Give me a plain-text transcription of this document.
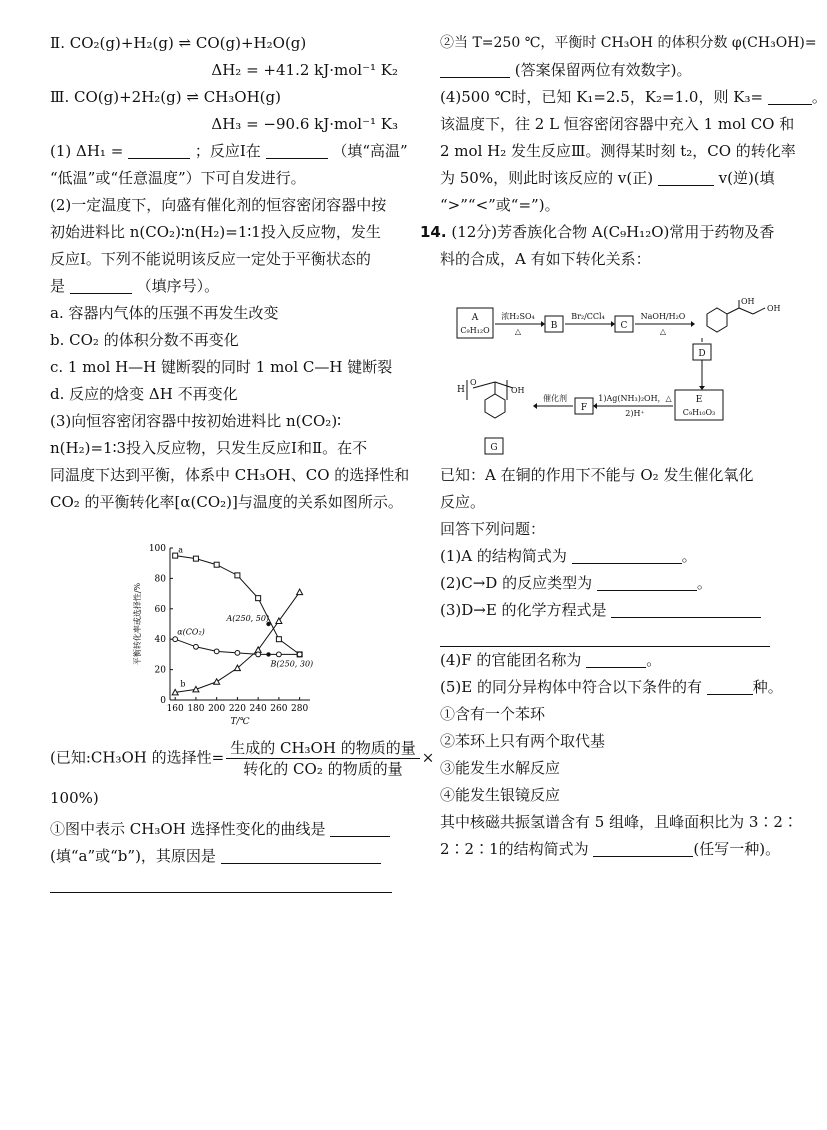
Ⅱ. CO₂(g)+H₂(g) ⇌ CO(g)+H₂O(g)
ΔH₂ = +41.2 kJ·mol⁻¹ K₂
Ⅲ. CO(g)+2H₂(g) ⇌ CH₃OH(g)
ΔH₃ = −90.6 kJ·mol⁻¹ K₃
(1) ΔH₁ =	；反应Ⅰ在	（填“高温”
“低温”或“任意温度”）下可自发进行。
(2)一定温度下，向盛有催化剂的恒容密闭容器中按
初始进料比 n(CO₂)∶n(H₂)=1∶1投入反应物，发生
反应Ⅰ。下列不能说明该反应一定处于平衡状态的
是	（填序号）。
a. 容器内气体的压强不再发生改变
b. CO₂ 的体积分数不再变化
c. 1 mol H—H 键断裂的同时 1 mol C—H 键断裂
d. 反应的焓变 ΔH 不再变化
(3)向恒容密闭容器中按初始进料比 n(CO₂)∶
n(H₂)=1∶3投入反应物，只发生反应Ⅰ和Ⅱ。在不
同温度下达到平衡，体系中 CH₃OH、CO 的选择性和
CO₂ 的平衡转化率[α(CO₂)]与温度的关系如图所示。
160 180 200 220 240 260 280
0
20
40
60
80
100
T/℃
平衡转化率或选择性/%
a
b
α(CO₂)
A(250, 50)
B(250, 30)
(已知:CH₃OH 的选择性= $\frac{\text{生成的 CH₃OH 的物质的量}}{\text{转化的 CO₂ 的物质的量}}$ ×
100%)
①图中表示 CH₃OH 选择性变化的曲线是
(填“a”或“b”)，其原因是
②当 T=250 ℃，平衡时 CH₃OH 的体积分数 φ(CH₃OH)=
(答案保留两位有效数字)。
(4)500 ℃时，已知 K₁=2.5，K₂=1.0，则 K₃=	。
该温度下，往 2 L 恒容密闭容器中充入 1 mol CO 和
2 mol H₂ 发生反应Ⅲ。测得某时刻 t₂，CO 的转化率
为 50%，则此时该反应的 v(正)	v(逆)(填
“>”“<”或“=”)。
14. (12分)芳香族化合物 A(C₉H₁₂O)常用于药物及香
料的合成，A 有如下转化关系：
A
C₉H₁₂O
浓H₂SO₄
△
B
Br₂/CCl₄
C
NaOH/H₂O
△
OH
OH
D
E
C₉H₁₀O₃
1)Ag(NH₃)₂OH，△
2)H⁺
F
催化剂
G
H
O
OH
已知：A 在铜的作用下不能与 O₂ 发生催化氧化
反应。
回答下列问题：
(1)A 的结构简式为	。
(2)C→D 的反应类型为	。
(3)D→E 的化学方程式是
(4)F 的官能团名称为	。
(5)E 的同分异构体中符合以下条件的有	种。
①含有一个苯环
②苯环上只有两个取代基
③能发生水解反应
④能发生银镜反应
其中核磁共振氢谱含有 5 组峰，且峰面积比为 3∶2∶
2∶2∶1的结构简式为	(任写一种)。
